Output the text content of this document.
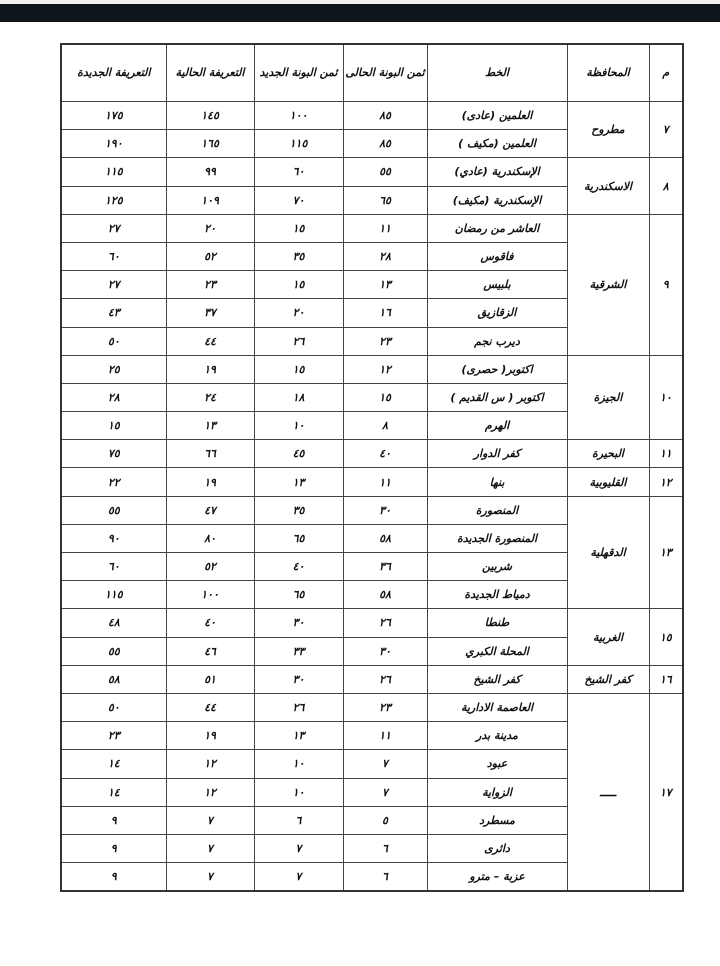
م	المحافظة	الخط	ثمن البونة الحالى	ثمن البونة الجديد	التعريفة الحالية	التعريفة الجديدة
٧	مطروح	العلمين (عادى)	٨٥	١٠٠	١٤٥	١٧٥
		العلمين (مكيف )	٨٥	١١٥	١٦٥	١٩٠
٨	الاسكندرية	الإسكندرية (عادي)	٥٥	٦٠	٩٩	١١٥
		الإسكندرية (مكيف)	٦٥	٧٠	١٠٩	١٢٥
٩	الشرقية	العاشر من رمضان	١١	١٥	٢٠	٢٧
		فاقوس	٢٨	٣٥	٥٢	٦٠
		بلبيس	١٣	١٥	٢٣	٢٧
		الزقازيق	١٦	٢٠	٣٧	٤٣
		ديرب نجم	٢٣	٢٦	٤٤	٥٠
١٠	الجيزة	اكتوبر( حصرى)	١٢	١٥	١٩	٢٥
		اكتوبر ( س القديم )	١٥	١٨	٢٤	٢٨
		الهرم	٨	١٠	١٣	١٥
١١	البحيرة	كفر الدوار	٤٠	٤٥	٦٦	٧٥
١٢	القليوبية	بنها	١١	١٣	١٩	٢٢
١٣	الدقهلية	المنصورة	٣٠	٣٥	٤٧	٥٥
		المنصورة الجديدة	٥٨	٦٥	٨٠	٩٠
		شربين	٣٦	٤٠	٥٢	٦٠
		دمياط الجديدة	٥٨	٦٥	١٠٠	١١٥
١٥	الغربية	طنطا	٢٦	٣٠	٤٠	٤٨
		المحلة الكبري	٣٠	٣٣	٤٦	٥٥
١٦	كفر الشيخ	كفر الشيخ	٢٦	٣٠	٥١	٥٨
١٧	ـــــ	العاصمة الادارية	٢٣	٢٦	٤٤	٥٠
		مدينة بدر	١١	١٣	١٩	٢٣
		عبود	٧	١٠	١٢	١٤
		الزواية	٧	١٠	١٢	١٤
		مسطرد	٥	٦	٧	٩
		دائرى	٦	٧	٧	٩
		عزبة – مترو	٦	٧	٧	٩
